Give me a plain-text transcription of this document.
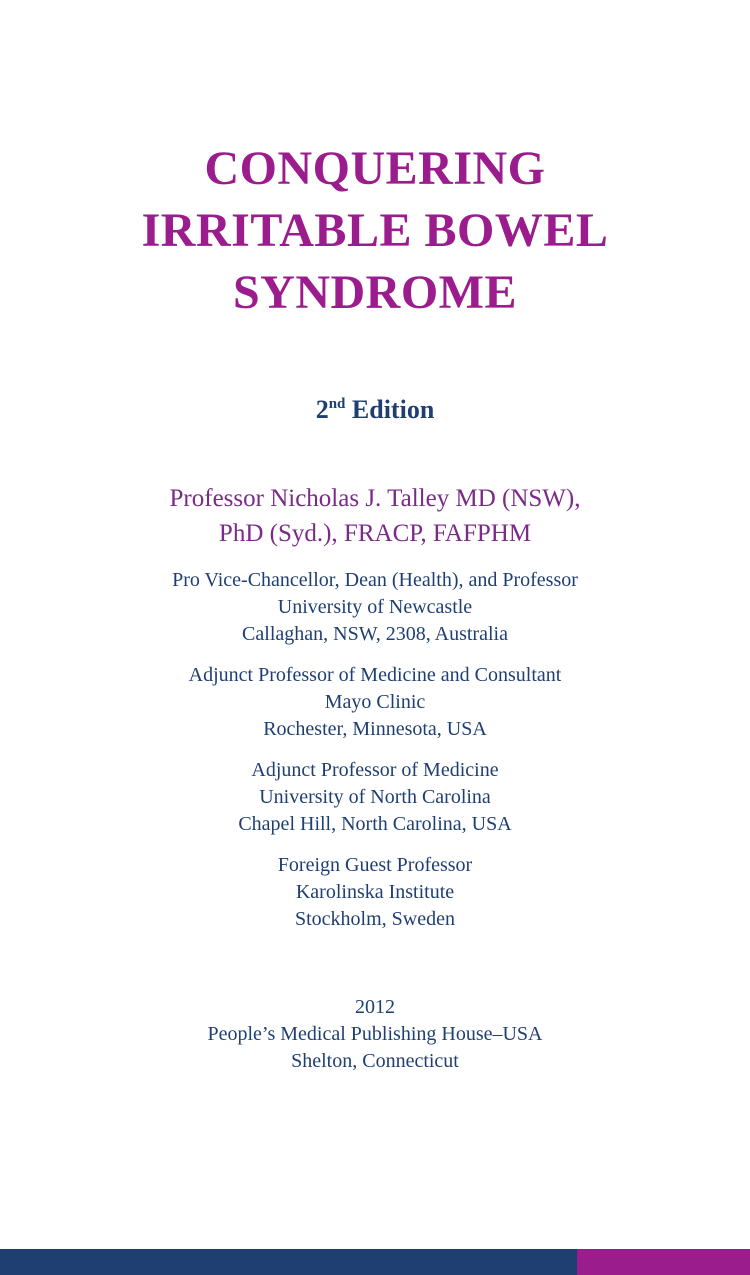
CONQUERING
IRRITABLE BOWEL
SYNDROME
2nd Edition
Professor Nicholas J. Talley MD (NSW),
PhD (Syd.), FRACP, FAFPHM
Pro Vice-Chancellor, Dean (Health), and Professor
University of Newcastle
Callaghan, NSW, 2308, Australia
Adjunct Professor of Medicine and Consultant
Mayo Clinic
Rochester, Minnesota, USA
Adjunct Professor of Medicine
University of North Carolina
Chapel Hill, North Carolina, USA
Foreign Guest Professor
Karolinska Institute
Stockholm, Sweden
2012
People’s Medical Publishing House–USA
Shelton, Connecticut
